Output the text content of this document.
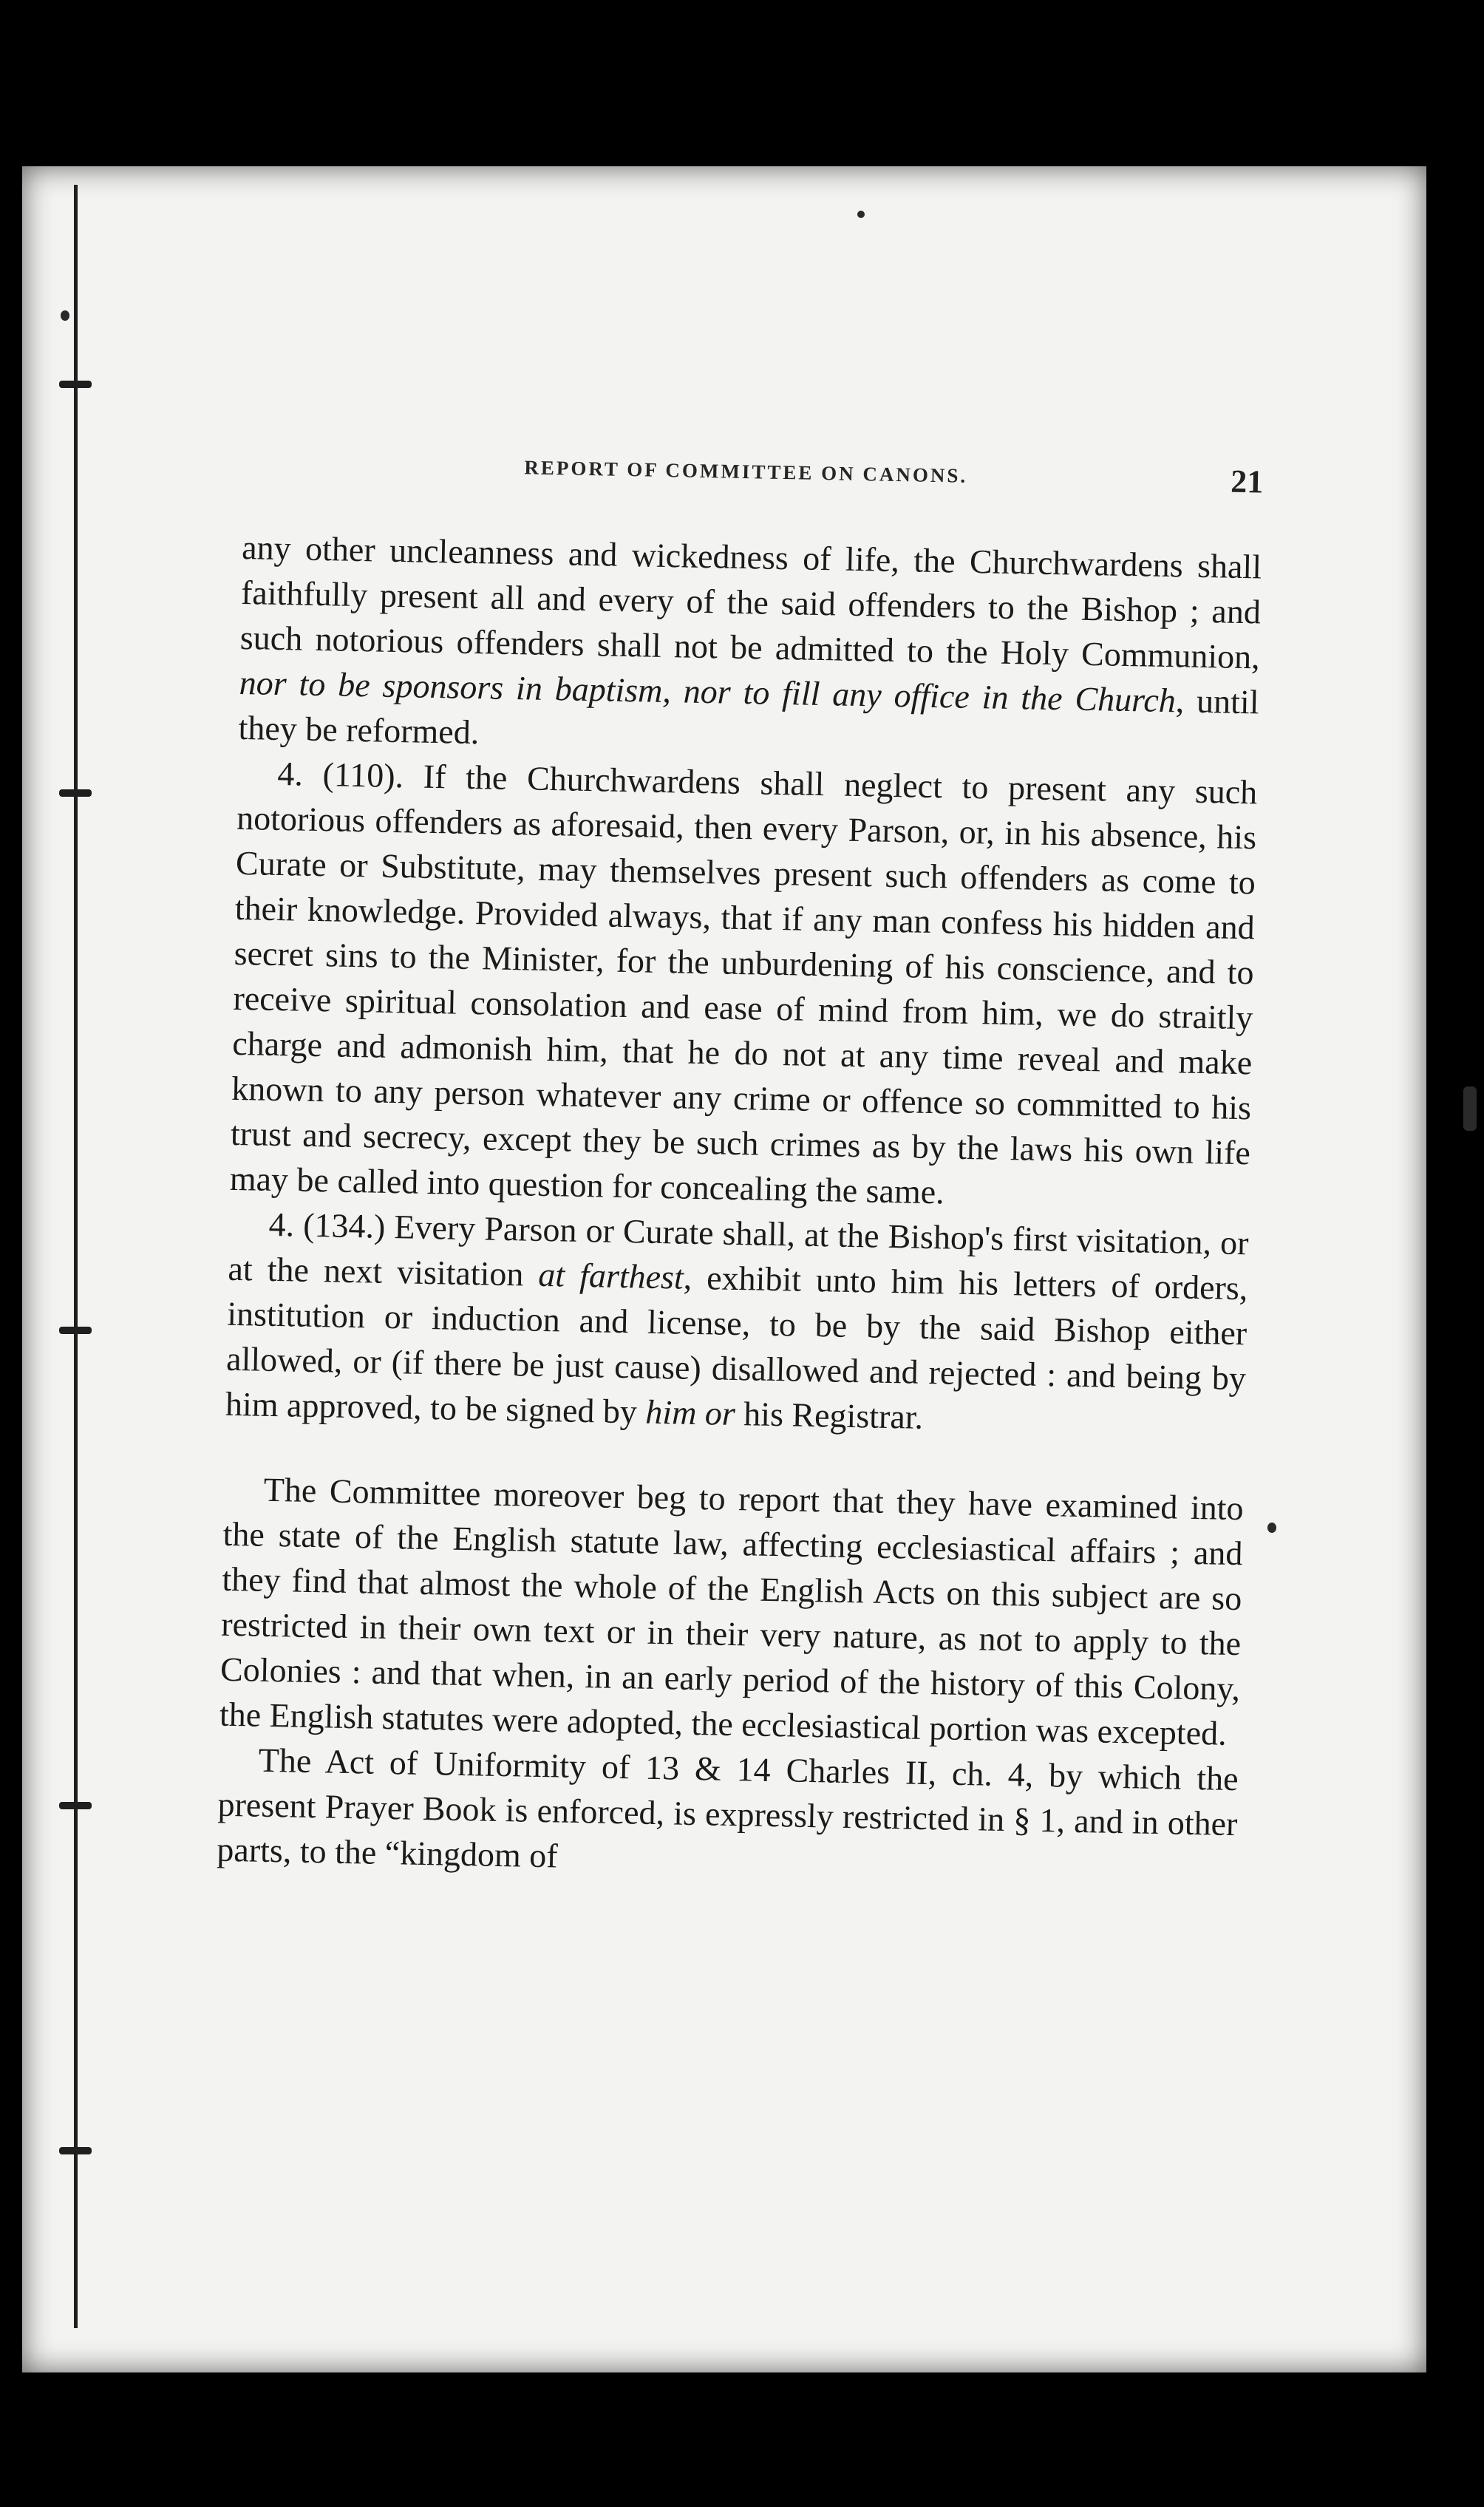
REPORT OF COMMITTEE ON CANONS.	21

any other uncleanness and wickedness of life, the Churchwardens shall faithfully present all and every of the said offenders to the Bishop ; and such notorious offenders shall not be admitted to the Holy Communion, nor to be sponsors in baptism, nor to fill any office in the Church, until they be reformed.

4. (110). If the Churchwardens shall neglect to present any such notorious offenders as aforesaid, then every Parson, or, in his absence, his Curate or Substitute, may themselves present such offenders as come to their knowledge. Provided always, that if any man confess his hidden and secret sins to the Minister, for the unburdening of his conscience, and to receive spiritual consolation and ease of mind from him, we do straitly charge and admonish him, that he do not at any time reveal and make known to any person whatever any crime or offence so committed to his trust and secrecy, except they be such crimes as by the laws his own life may be called into question for concealing the same.

4. (134.) Every Parson or Curate shall, at the Bishop's first visitation, or at the next visitation at farthest, exhibit unto him his letters of orders, institution or induction and license, to be by the said Bishop either allowed, or (if there be just cause) disallowed and rejected : and being by him approved, to be signed by him or his Registrar.

The Committee moreover beg to report that they have examined into the state of the English statute law, affecting ecclesiastical affairs ; and they find that almost the whole of the English Acts on this subject are so restricted in their own text or in their very nature, as not to apply to the Colonies : and that when, in an early period of the history of this Colony, the English statutes were adopted, the ecclesiastical portion was excepted.

The Act of Uniformity of 13 & 14 Charles II, ch. 4, by which the present Prayer Book is enforced, is expressly restricted in § 1, and in other parts, to the “kingdom of
